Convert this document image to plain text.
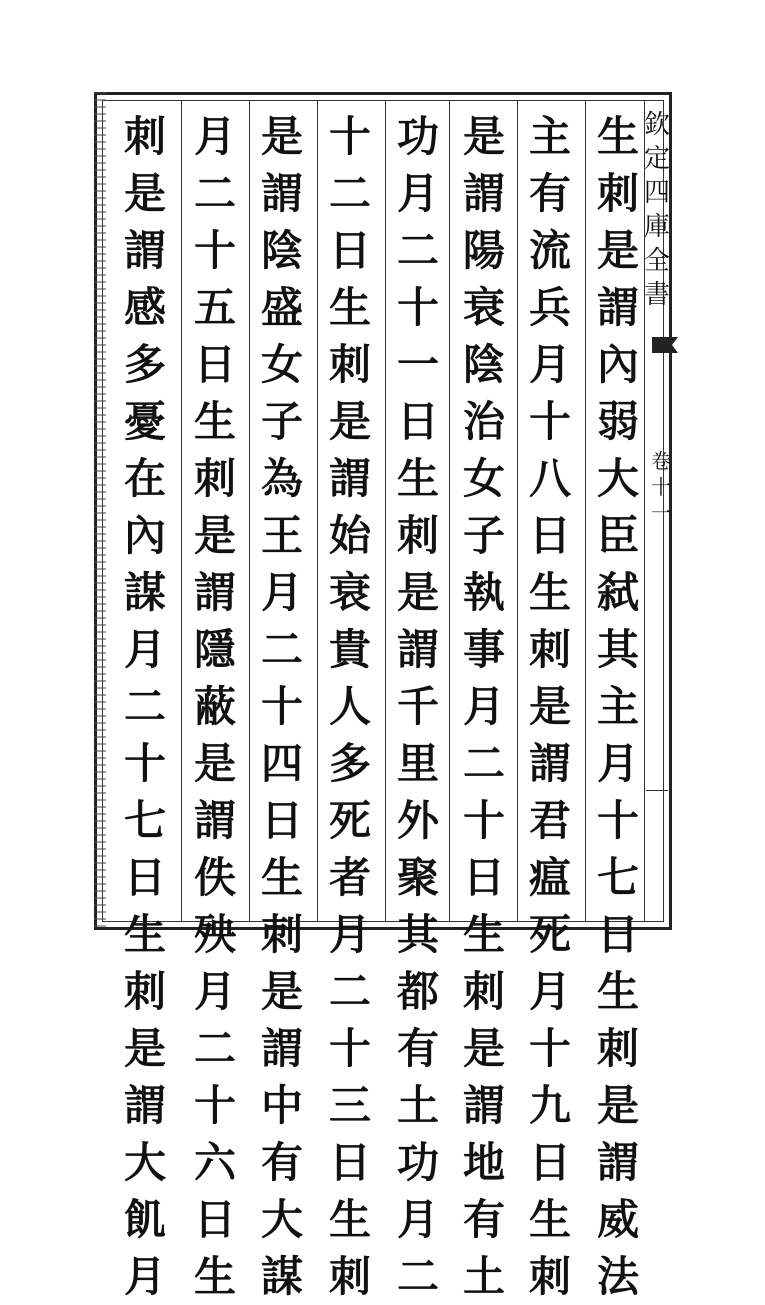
欽
定
四
庫
全
書
卷
十
一
生
刺
是
謂
內
弱
大
臣
弑
其
主
月
十
七
日
生
刺
是
謂
威
法
主
有
流
兵
月
十
八
日
生
刺
是
謂
君
瘟
死
月
十
九
日
生
刺
是
謂
陽
衰
陰
治
女
子
執
事
月
二
十
日
生
刺
是
謂
地
有
土
功
月
二
十
一
日
生
刺
是
謂
千
里
外
聚
其
都
有
土
功
月
二
十
二
日
生
刺
是
謂
始
衰
貴
人
多
死
者
月
二
十
三
日
生
刺
是
謂
陰
盛
女
子
為
王
月
二
十
四
日
生
刺
是
謂
中
有
大
謀
月
二
十
五
日
生
刺
是
謂
隱
蔽
是
謂
佚
殃
月
二
十
六
日
生
刺
是
謂
感
多
憂
在
內
謀
月
二
十
七
日
生
刺
是
謂
大
飢
月
